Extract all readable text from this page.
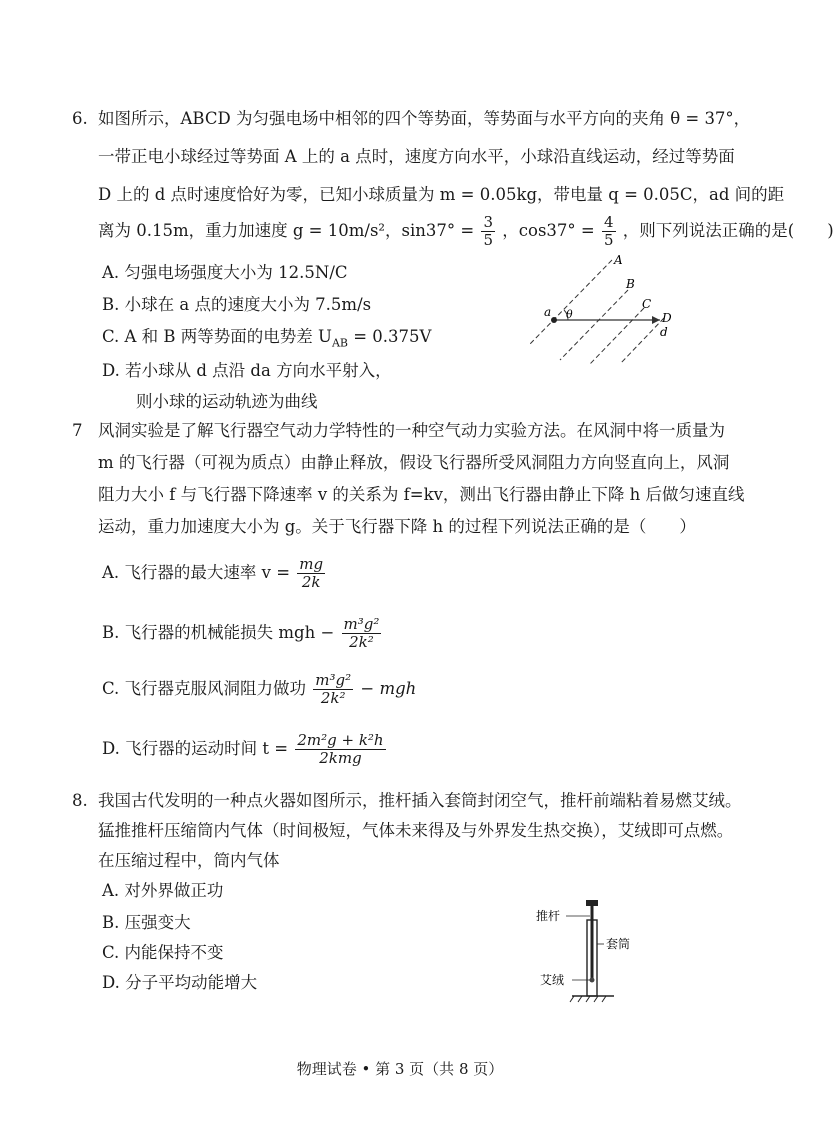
6. 如图所示，ABCD 为匀强电场中相邻的四个等势面，等势面与水平方向的夹角 θ = 37°，
一带正电小球经过等势面 A 上的 a 点时，速度方向水平，小球沿直线运动，经过等势面
D 上的 d 点时速度恰好为零，已知小球质量为 m = 0.05kg，带电量 q = 0.05C，ad 间的距
离为 0.15m，重力加速度 g = 10m/s²，$\sin 37^\circ = \frac{3}{5}$ ，$\cos 37^\circ = \frac{4}{5}$ ，则下列说法正确的是(　　)
A. 匀强电场强度大小为 12.5N/C
B. 小球在 a 点的速度大小为 7.5m/s
C. A 和 B 两等势面的电势差 $U_{AB} = 0.375V$
D. 若小球从 d 点沿 da 方向水平射入，
则小球的运动轨迹为曲线
A
B
C
D
a
d
θ
7 风洞实验是了解飞行器空气动力学特性的一种空气动力实验方法。在风洞中将一质量为
m 的飞行器（可视为质点）由静止释放，假设飞行器所受风洞阻力方向竖直向上，风洞
阻力大小 f 与飞行器下降速率 v 的关系为 f=kv，测出飞行器由静止下降 h 后做匀速直线
运动，重力加速度大小为 g。关于飞行器下降 h 的过程下列说法正确的是（　　）
A. 飞行器的最大速率 $v = \frac{mg}{2k}$
B. 飞行器的机械能损失 mgh − $\frac{\text{m³g²}}{\text{2k²}}$
C. 飞行器克服风洞阻力做功 $\frac{\text{m³g²}}{\text{2k²}}$ − mgh
D. 飞行器的运动时间 $t = \frac{\text{2m²g + k²h}}{\text{2kmg}}$
8. 我国古代发明的一种点火器如图所示，推杆插入套筒封闭空气，推杆前端粘着易燃艾绒。
猛推推杆压缩筒内气体（时间极短，气体未来得及与外界发生热交换），艾绒即可点燃。
在压缩过程中，筒内气体
A. 对外界做正功
B. 压强变大
C. 内能保持不变
D. 分子平均动能增大
推杆
套筒
艾绒
物理试卷 • 第 3 页（共 8 页）
